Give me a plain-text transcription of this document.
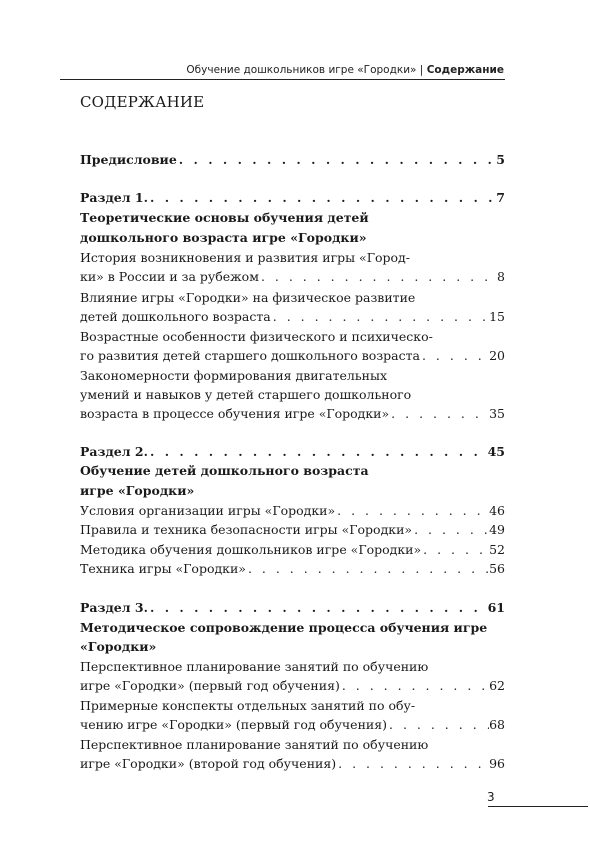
Обучение дошкольников игре «Городки» | Содержание
СОДЕРЖАНИЕ
Предисловие . . .	5
Раздел 1. . . .	7
Теоретические основы обучения детей
дошкольного возраста игре «Городки»
История возникновения и развития игры «Город-
ки» в России и за рубежом . . .	8
Влияние игры «Городки» на физическое развитие
детей дошкольного возраста . . .	15
Возрастные особенности физического и психическо-
го развития детей старшего дошкольного возраста . . .	20
Закономерности формирования двигательных
умений и навыков у детей старшего дошкольного
возраста в процессе обучения игре «Городки» . . .	35
Раздел 2. . . .	45
Обучение детей дошкольного возраста
игре «Городки»
Условия организации игры «Городки» . . .	46
Правила и техника безопасности игры «Городки» . . .	49
Методика обучения дошкольников игре «Городки» . . .	52
Техника игры «Городки» . . .	56
Раздел 3. . . .	61
Методическое сопровождение процесса обучения игре
«Городки»
Перспективное планирование занятий по обучению
игре «Городки» (первый год обучения) . . .	62
Примерные конспекты отдельных занятий по обу-
чению игре «Городки» (первый год обучения) . . .	68
Перспективное планирование занятий по обучению
игре «Городки» (второй год обучения) . . .	96
3
